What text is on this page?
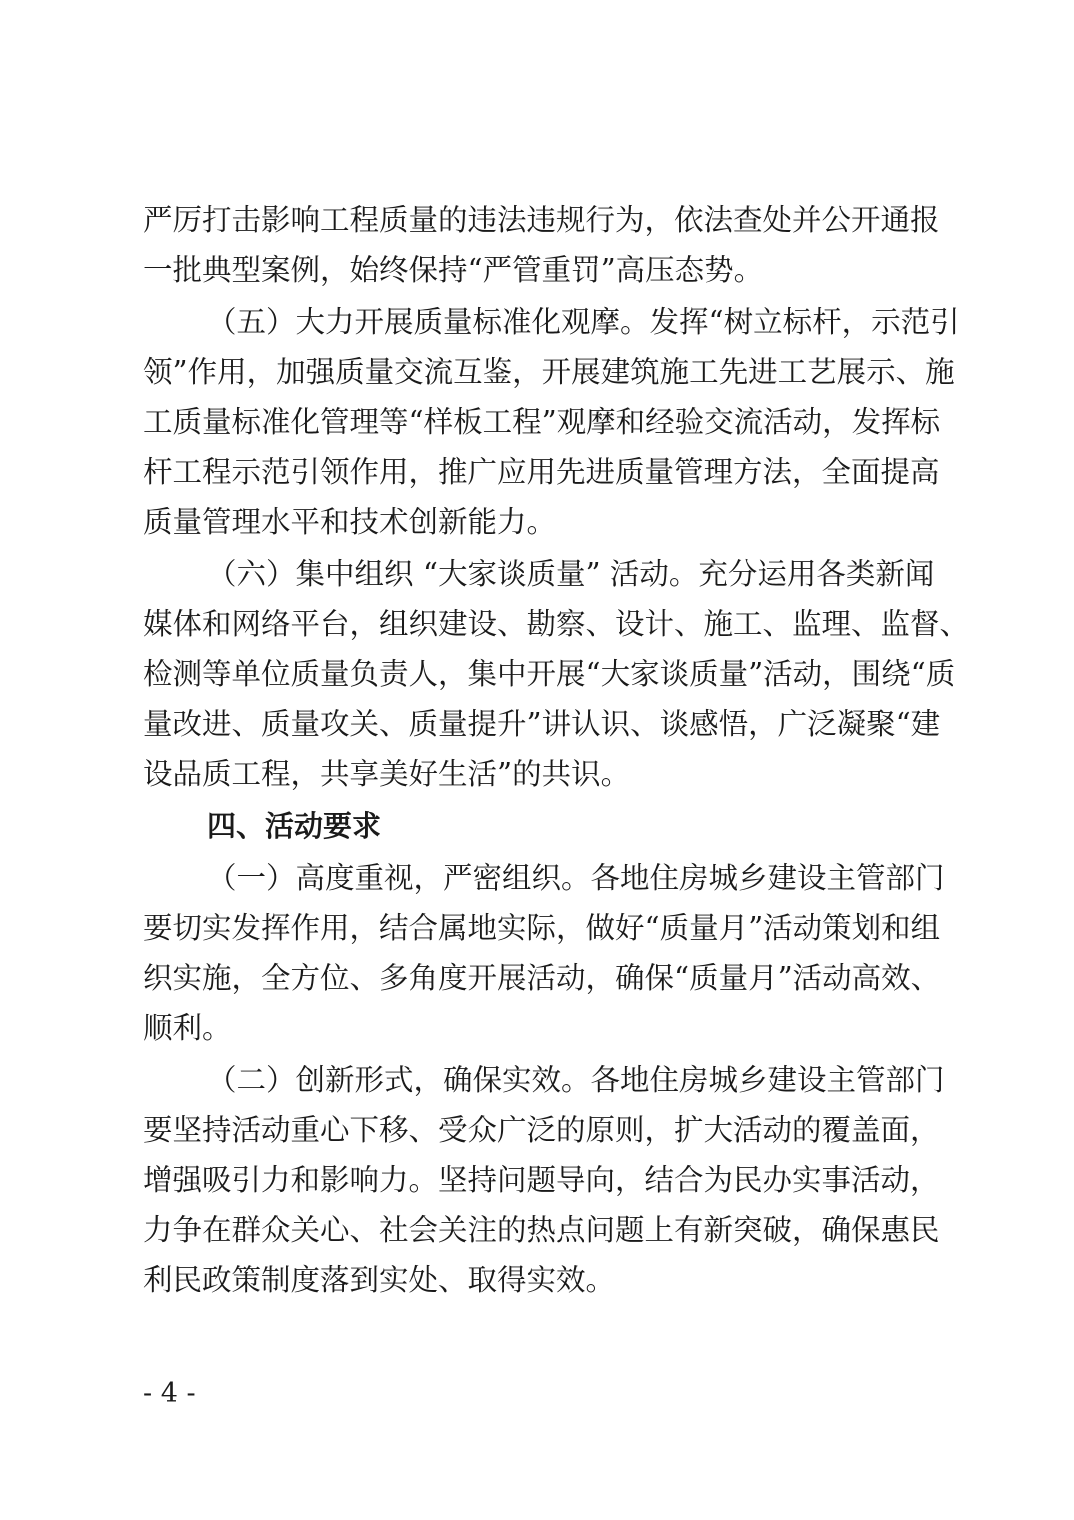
严厉打击影响工程质量的违法违规行为，依法查处并公开通报
一批典型案例，始终保持“严管重罚”高压态势。
（五）大力开展质量标准化观摩。发挥“树立标杆，示范引
领”作用，加强质量交流互鉴，开展建筑施工先进工艺展示、施
工质量标准化管理等“样板工程”观摩和经验交流活动，发挥标
杆工程示范引领作用，推广应用先进质量管理方法，全面提高
质量管理水平和技术创新能力。
（六）集中组织 “大家谈质量” 活动。充分运用各类新闻
媒体和网络平台，组织建设、勘察、设计、施工、监理、监督、
检测等单位质量负责人，集中开展“大家谈质量”活动，围绕“质
量改进、质量攻关、质量提升”讲认识、谈感悟，广泛凝聚“建
设品质工程，共享美好生活”的共识。
四、活动要求
（一）高度重视，严密组织。各地住房城乡建设主管部门
要切实发挥作用，结合属地实际，做好“质量月”活动策划和组
织实施，全方位、多角度开展活动，确保“质量月”活动高效、
顺利。
（二）创新形式，确保实效。各地住房城乡建设主管部门
要坚持活动重心下移、受众广泛的原则，扩大活动的覆盖面，
增强吸引力和影响力。坚持问题导向，结合为民办实事活动，
力争在群众关心、社会关注的热点问题上有新突破，确保惠民
利民政策制度落到实处、取得实效。
- 4 -
